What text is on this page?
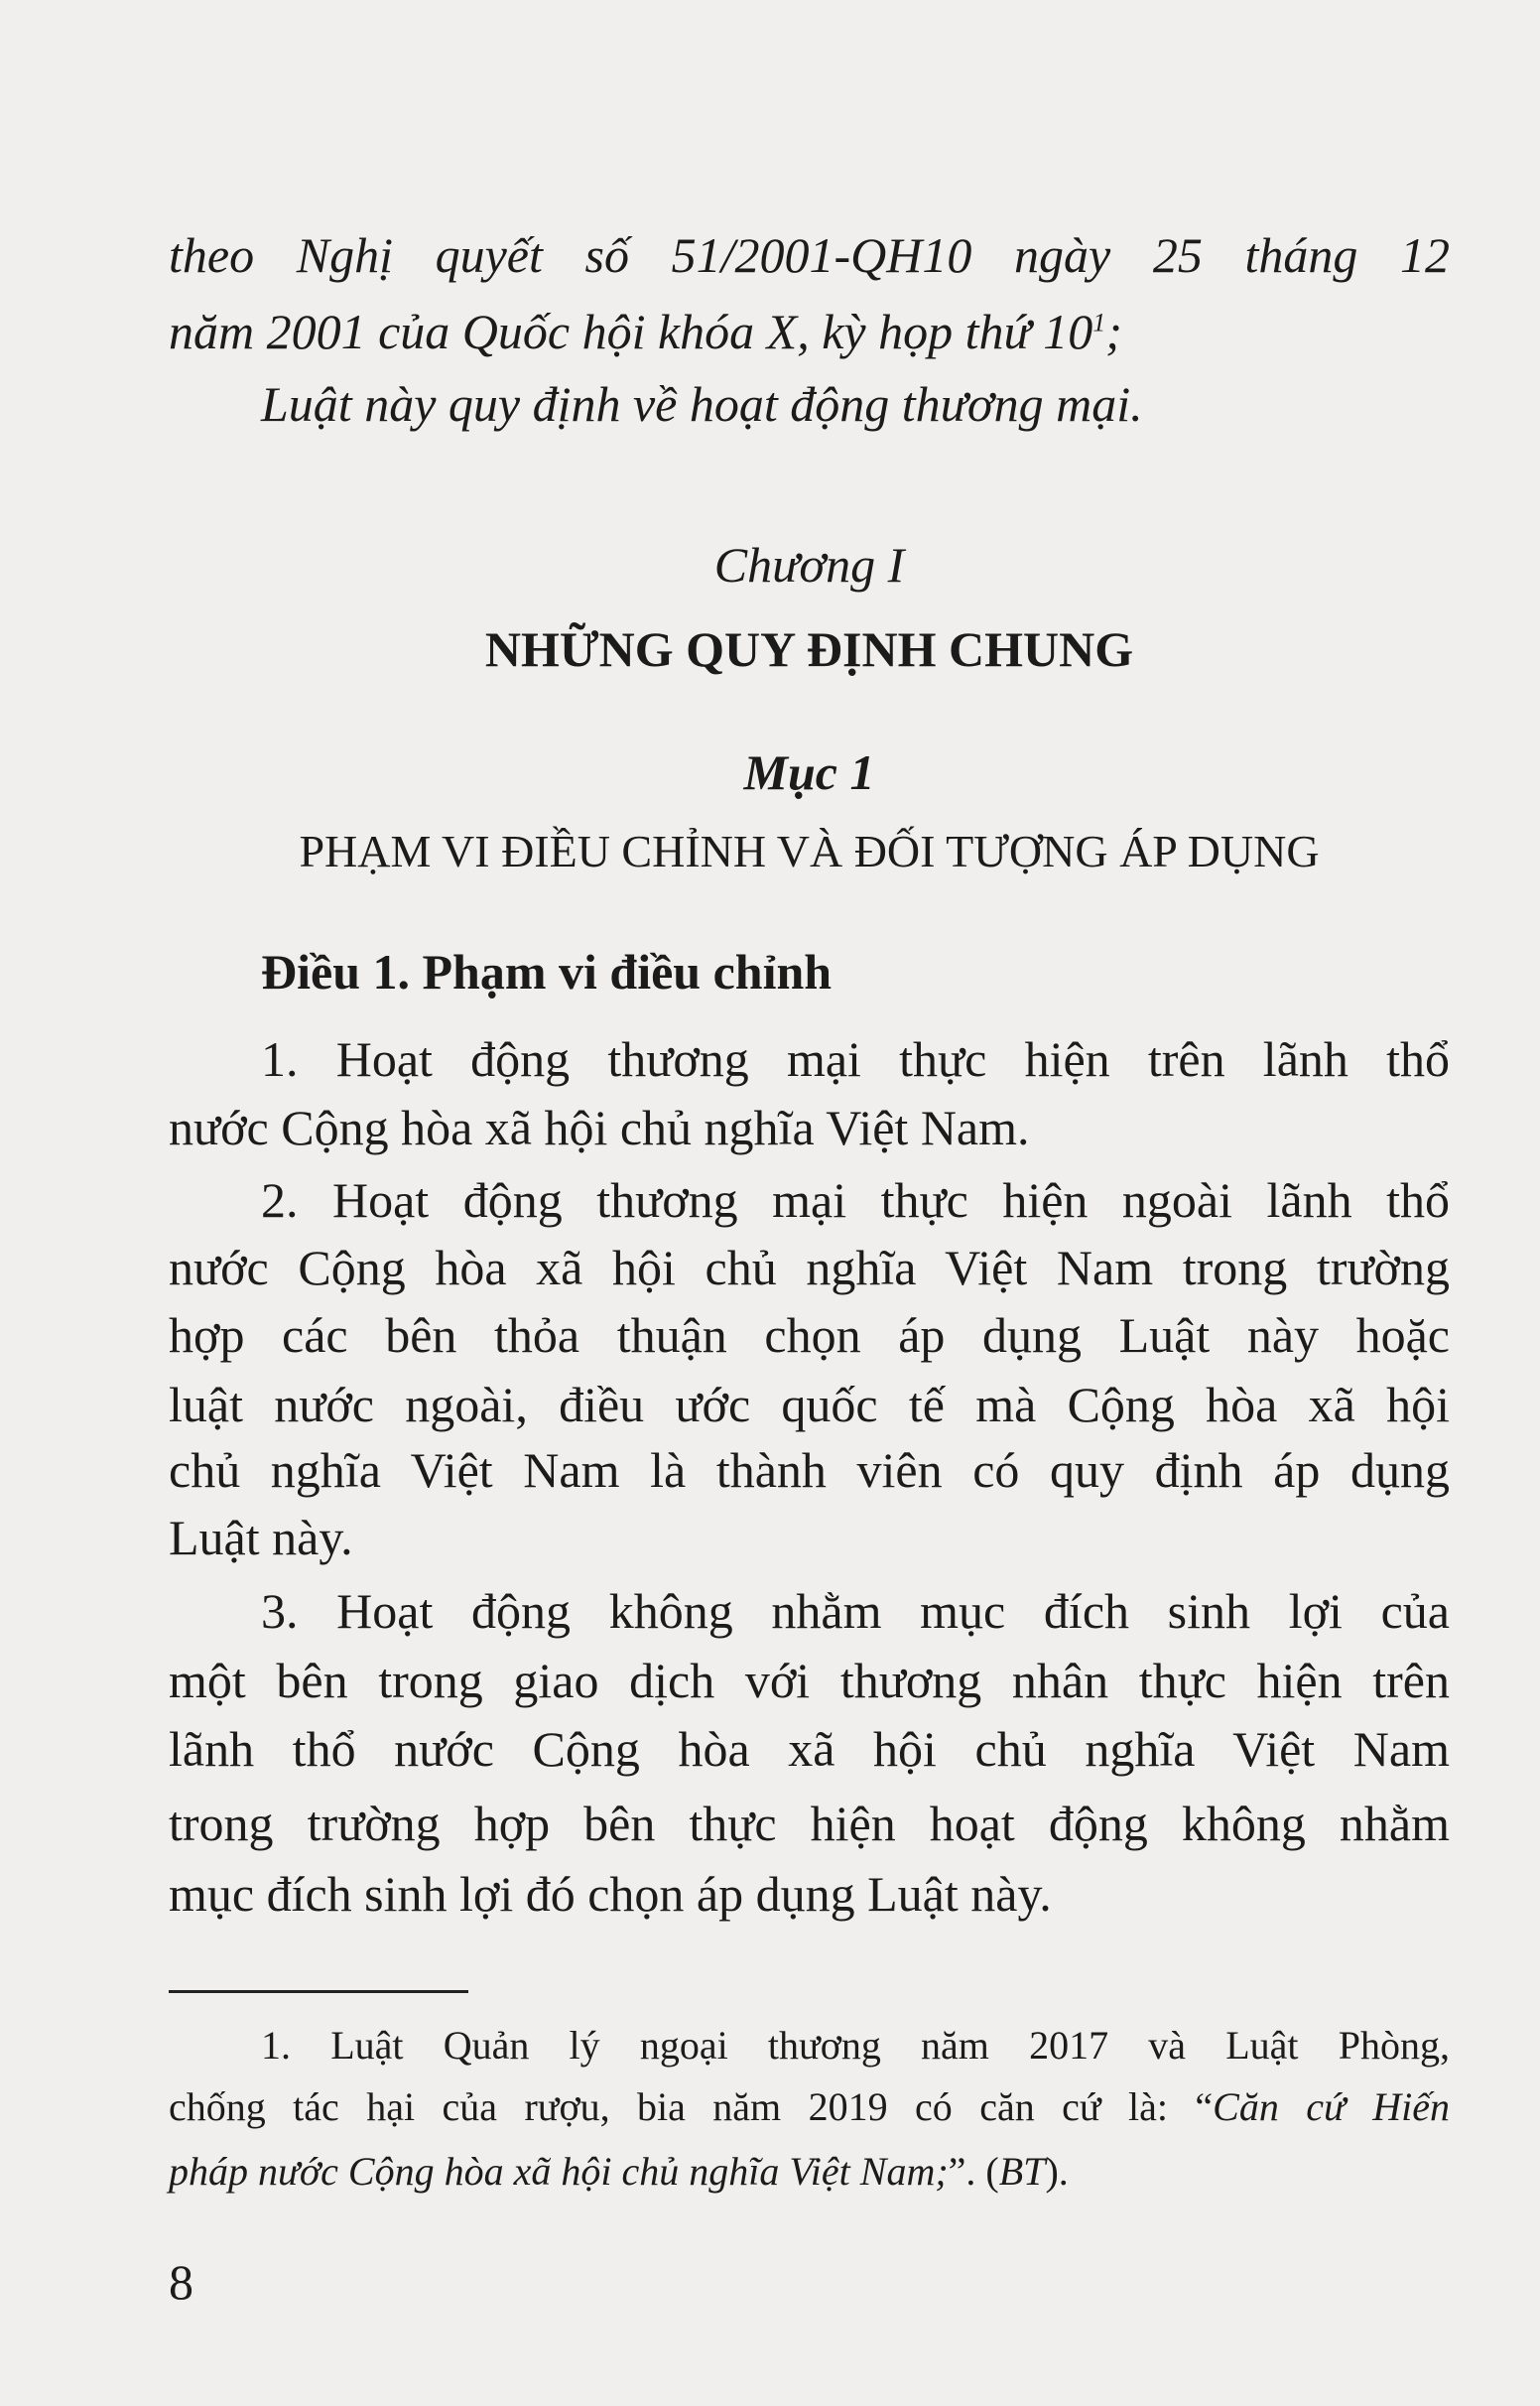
theo Nghị quyết số 51/2001-QH10 ngày 25 tháng 12
năm 2001 của Quốc hội khóa X, kỳ họp thứ $10^1$;
Luật này quy định về hoạt động thương mại.
Chương I
NHỮNG QUY ĐỊNH CHUNG
Mục 1
PHẠM VI ĐIỀU CHỈNH VÀ ĐỐI TƯỢNG ÁP DỤNG
Điều 1. Phạm vi điều chỉnh
1. Hoạt động thương mại thực hiện trên lãnh thổ
nước Cộng hòa xã hội chủ nghĩa Việt Nam.
2. Hoạt động thương mại thực hiện ngoài lãnh thổ
nước Cộng hòa xã hội chủ nghĩa Việt Nam trong trường
hợp các bên thỏa thuận chọn áp dụng Luật này hoặc
luật nước ngoài, điều ước quốc tế mà Cộng hòa xã hội
chủ nghĩa Việt Nam là thành viên có quy định áp dụng
Luật này.
3. Hoạt động không nhằm mục đích sinh lợi của
một bên trong giao dịch với thương nhân thực hiện trên
lãnh thổ nước Cộng hòa xã hội chủ nghĩa Việt Nam
trong trường hợp bên thực hiện hoạt động không nhằm
mục đích sinh lợi đó chọn áp dụng Luật này.
1. Luật Quản lý ngoại thương năm 2017 và Luật Phòng,
chống tác hại của rượu, bia năm 2019 có căn cứ là: “Căn cứ Hiến
pháp nước Cộng hòa xã hội chủ nghĩa Việt Nam;”. (BT).
8
